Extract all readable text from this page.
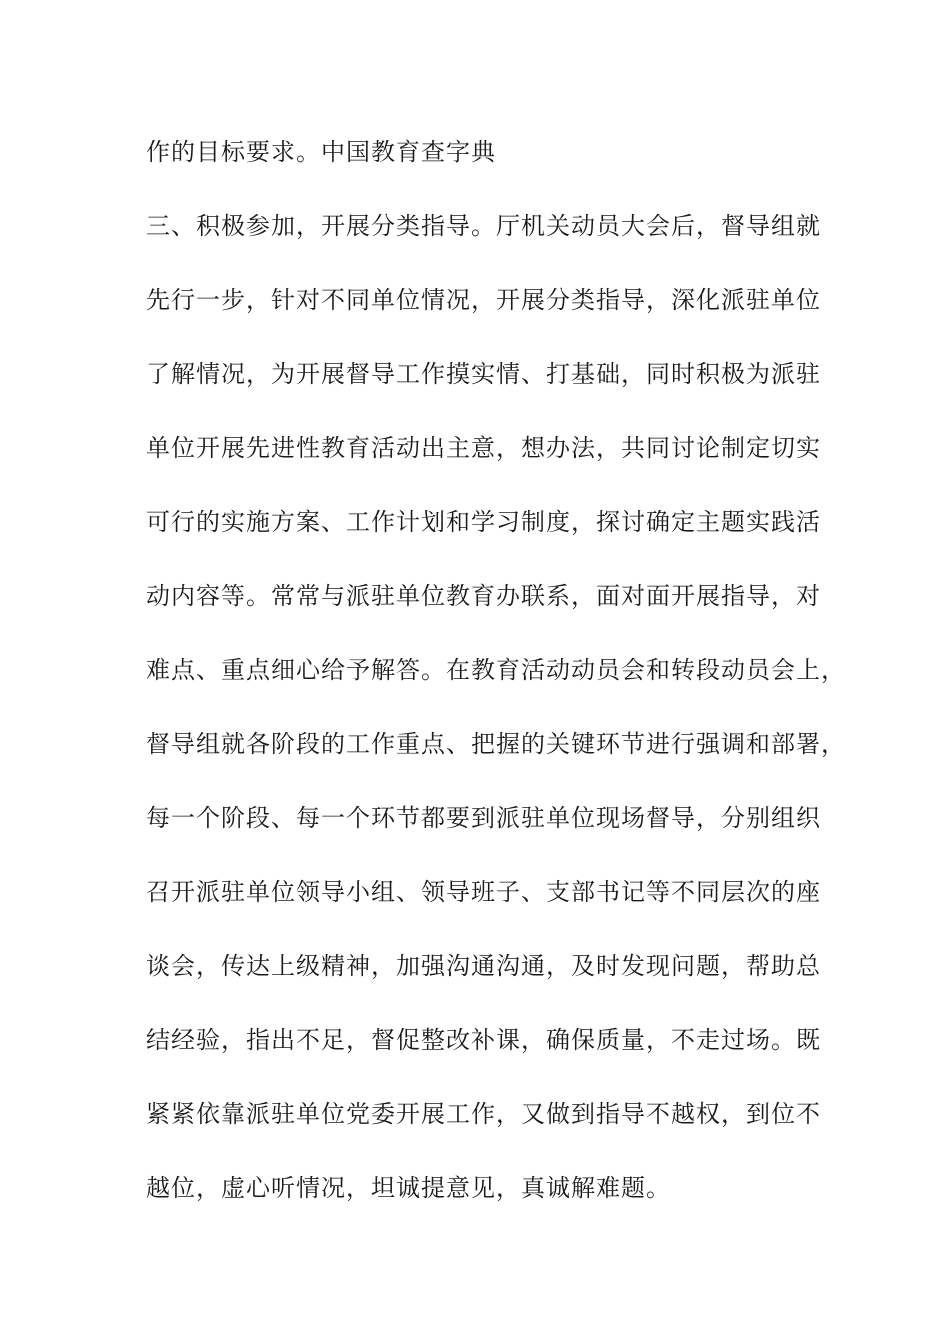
作的目标要求。中国教育查字典
三、积极参加，开展分类指导。厅机关动员大会后，督导组就
先行一步，针对不同单位情况，开展分类指导，深化派驻单位
了解情况，为开展督导工作摸实情、打基础，同时积极为派驻
单位开展先进性教育活动出主意，想办法，共同讨论制定切实
可行的实施方案、工作计划和学习制度，探讨确定主题实践活
动内容等。常常与派驻单位教育办联系，面对面开展指导，对
难点、重点细心给予解答。在教育活动动员会和转段动员会上，
督导组就各阶段的工作重点、把握的关键环节进行强调和部署，
每一个阶段、每一个环节都要到派驻单位现场督导，分别组织
召开派驻单位领导小组、领导班子、支部书记等不同层次的座
谈会，传达上级精神，加强沟通沟通，及时发现问题，帮助总
结经验，指出不足，督促整改补课，确保质量，不走过场。既
紧紧依靠派驻单位党委开展工作，又做到指导不越权，到位不
越位，虚心听情况，坦诚提意见，真诚解难题。
